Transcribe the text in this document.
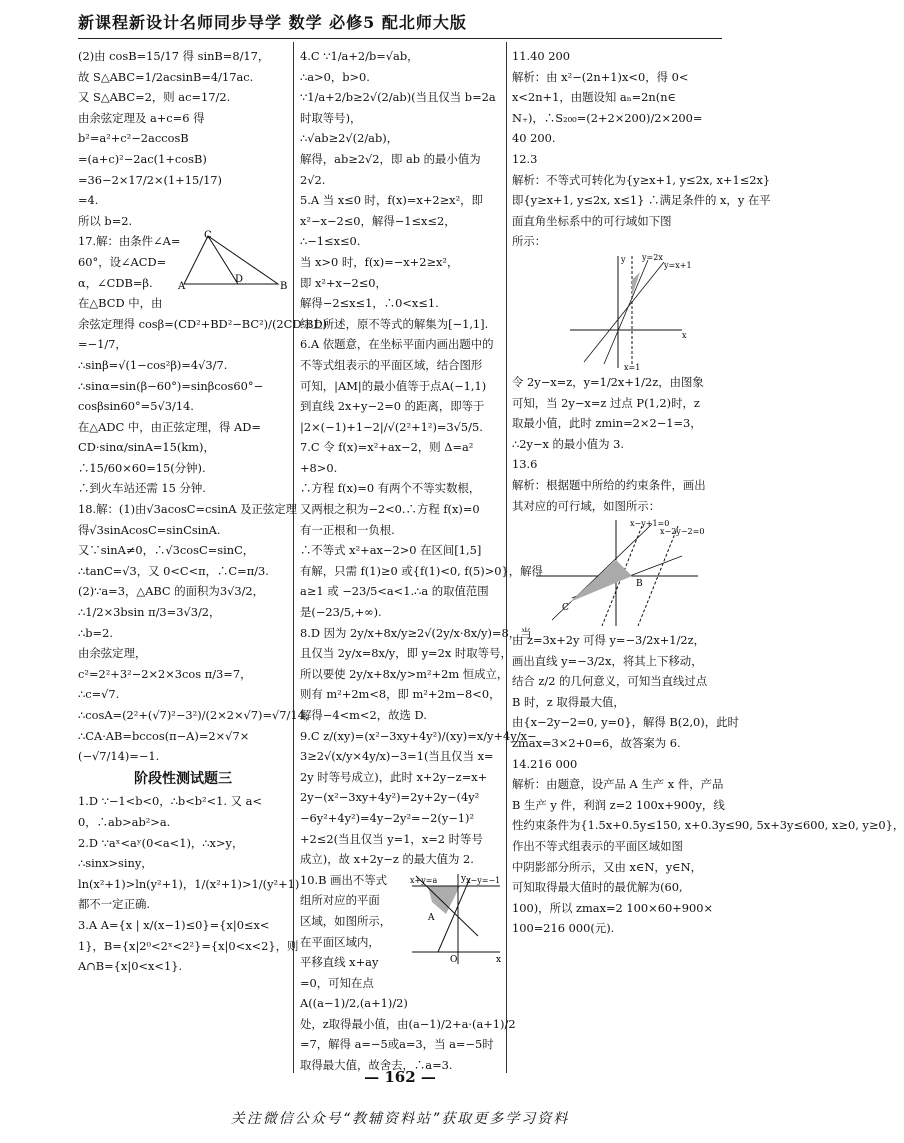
新课程新设计名师同步导学 数学 必修5 配北师大版
(2)由 cosB=15/17 得 sinB=8/17，
故 S△ABC=1/2acsinB=4/17ac.
又 S△ABC=2，则 ac=17/2.
由余弦定理及 a+c=6 得
b²=a²+c²−2accosB
=(a+c)²−2ac(1+cosB)
=36−2×17/2×(1+15/17)
=4.
所以 b=2.
17.解：由条件∠A=
60°，设∠ACD=
α，∠CDB=β.
在△BCD 中，由
余弦定理得 cosβ=(CD²+BD²−BC²)/(2CD·BD)
=−1/7，
∴sinβ=√(1−cos²β)=4√3/7.
∴sinα=sin(β−60°)=sinβcos60°−
cosβsin60°=5√3/14.
在△ADC 中，由正弦定理，得 AD=
CD·sinα/sinA=15(km)，
∴15/60×60=15(分钟).
∴到火车站还需 15 分钟.
18.解：(1)由√3acosC=csinA 及正弦定理
得√3sinAcosC=sinCsinA.
又∵sinA≠0，∴√3cosC=sinC，
∴tanC=√3，又 0<C<π，∴C=π/3.
(2)∵a=3，△ABC 的面积为3√3/2，
∴1/2×3bsin π/3=3√3/2，
∴b=2.
由余弦定理，
c²=2²+3²−2×2×3cos π/3=7，
∴c=√7.
∴cosA=(2²+(√7)²−3²)/(2×2×√7)=√7/14，
∴CA·AB=bccos(π−A)=2×√7×
(−√7/14)=−1.
C
A
D
B
阶段性测试题三
1.D ∵−1<b<0，∴b<b²<1. 又 a<
0，∴ab>ab²>a.
2.D ∵aˣ<aʸ(0<a<1)，∴x>y，
∴sinx>siny，
ln(x²+1)>ln(y²+1)，1/(x²+1)>1/(y²+1)
都不一定正确.
3.A A={x | x/(x−1)≤0}={x|0≤x<
1}，B={x|2⁰<2ˣ<2²}={x|0<x<2}，则
A∩B={x|0<x<1}.
4.C ∵1/a+2/b=√ab，
∴a>0，b>0.
∵1/a+2/b≥2√(2/ab)(当且仅当 b=2a
时取等号)，
∴√ab≥2√(2/ab)，
解得，ab≥2√2，即 ab 的最小值为
2√2.
5.A 当 x≤0 时，f(x)=x+2≥x²，即
x²−x−2≤0，解得−1≤x≤2，
∴−1≤x≤0.
当 x>0 时，f(x)=−x+2≥x²，
即 x²+x−2≤0，
解得−2≤x≤1，∴0<x≤1.
综上所述，原不等式的解集为[−1,1].
6.A 依题意，在坐标平面内画出题中的
不等式组表示的平面区域，结合图形
可知，|AM|的最小值等于点A(−1,1)
到直线 2x+y−2=0 的距离，即等于
|2×(−1)+1−2|/√(2²+1²)=3√5/5.
7.C 令 f(x)=x²+ax−2，则 Δ=a²
+8>0.
∴方程 f(x)=0 有两个不等实数根，
又两根之积为−2<0.∴方程 f(x)=0
有一正根和一负根.
∴不等式 x²+ax−2>0 在区间[1,5]
有解，只需 f(1)≥0 或{f(1)<0, f(5)>0}，解得
a≥1 或 −23/5<a<1.∴a 的取值范围
是(−23/5,+∞).
8.D 因为 2y/x+8x/y≥2√(2y/x·8x/y)=8，当
且仅当 2y/x=8x/y，即 y=2x 时取等号，
所以要使 2y/x+8x/y>m²+2m 恒成立，
则有 m²+2m<8，即 m²+2m−8<0，
解得−4<m<2，故选 D.
9.C z/(xy)=(x²−3xy+4y²)/(xy)=x/y+4y/x−
3≥2√(x/y×4y/x)−3=1(当且仅当 x=
2y 时等号成立)，此时 x+2y−z=x+
2y−(x²−3xy+4y²)=2y+2y−(4y²
−6y²+4y²)=4y−2y²=−2(y−1)²
+2≤2(当且仅当 y=1，x=2 时等号
成立)，故 x+2y−z 的最大值为 2.
10.B 画出不等式
组所对应的平面
区域，如图所示，
在平面区域内，
平移直线 x+ay
=0，可知在点
A((a−1)/2,(a+1)/2)
x+y=a	x−y=−1
A
O	x
y
处，z取得最小值，由(a−1)/2+a·(a+1)/2
=7，解得 a=−5或a=3，当 a=−5时
取得最大值，故舍去，∴a=3.
11.40 200
解析：由 x²−(2n+1)x<0，得 0<
x<2n+1，由题设知 aₙ=2n(n∈
N₊)，∴S₂₀₀=(2+2×200)/2×200=
40 200.
12.3
解析：不等式可转化为{y≥x+1, y≤2x, x+1≤2x}
即{y≥x+1, y≤2x, x≤1} ∴满足条件的 x，y 在平
面直角坐标系中的可行域如下图
所示：
y=2x
y=x+1
x=1
x
y
令 2y−x=z，y=1/2x+1/2z，由图象
可知，当 2y−x=z 过点 P(1,2)时，z
取最小值，此时 zmin=2×2−1=3，
∴2y−x 的最小值为 3.
13.6
解析：根据题中所给的约束条件，画出
其对应的可行域，如图所示：
x−y+1=0
x−2y−2=0
B
C
由 z=3x+2y 可得 y=−3/2x+1/2z，
画出直线 y=−3/2x，将其上下移动，
结合 z/2 的几何意义，可知当直线过点
B 时，z 取得最大值，
由{x−2y−2=0, y=0}，解得 B(2,0)，此时
zmax=3×2+0=6，故答案为 6.
14.216 000
解析：由题意，设产品 A 生产 x 件，产品
B 生产 y 件，利润 z=2 100x+900y，线
性约束条件为{1.5x+0.5y≤150, x+0.3y≤90, 5x+3y≤600, x≥0, y≥0}，
作出不等式组表示的平面区域如图
中阴影部分所示，又由 x∈N，y∈N，
可知取得最大值时的最优解为(60,
100)，所以 zmax=2 100×60+900×
100=216 000(元).
— 162 —
关注微信公众号“教辅资料站”获取更多学习资料
